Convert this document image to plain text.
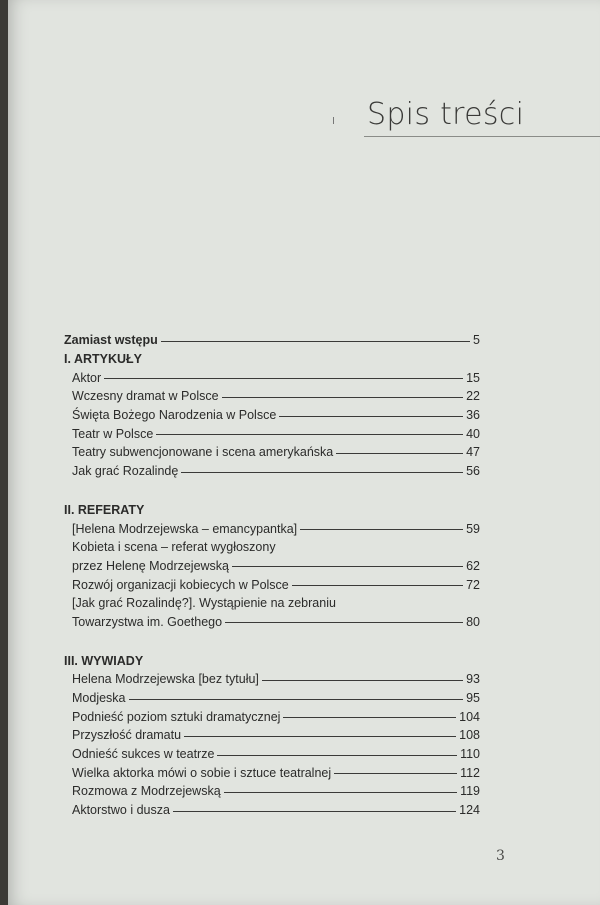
Spis treści
Zamiast wstępu	5
I. ARTYKUŁY
Aktor	15
Wczesny dramat w Polsce	22
Święta Bożego Narodzenia w Polsce	36
Teatr w Polsce	40
Teatry subwencjonowane i scena amerykańska	47
Jak grać Rozalindę	56
II. REFERATY
[Helena Modrzejewska – emancypantka]	59
Kobieta i scena – referat wygłoszony
przez Helenę Modrzejewską	62
Rozwój organizacji kobiecych w Polsce	72
[Jak grać Rozalindę?]. Wystąpienie na zebraniu
Towarzystwa im. Goethego	80
III. WYWIADY
Helena Modrzejewska [bez tytułu]	93
Modjeska	95
Podnieść poziom sztuki dramatycznej	104
Przyszłość dramatu	108
Odnieść sukces w teatrze	110
Wielka aktorka mówi o sobie i sztuce teatralnej	112
Rozmowa z Modrzejewską	119
Aktorstwo i dusza	124
3
